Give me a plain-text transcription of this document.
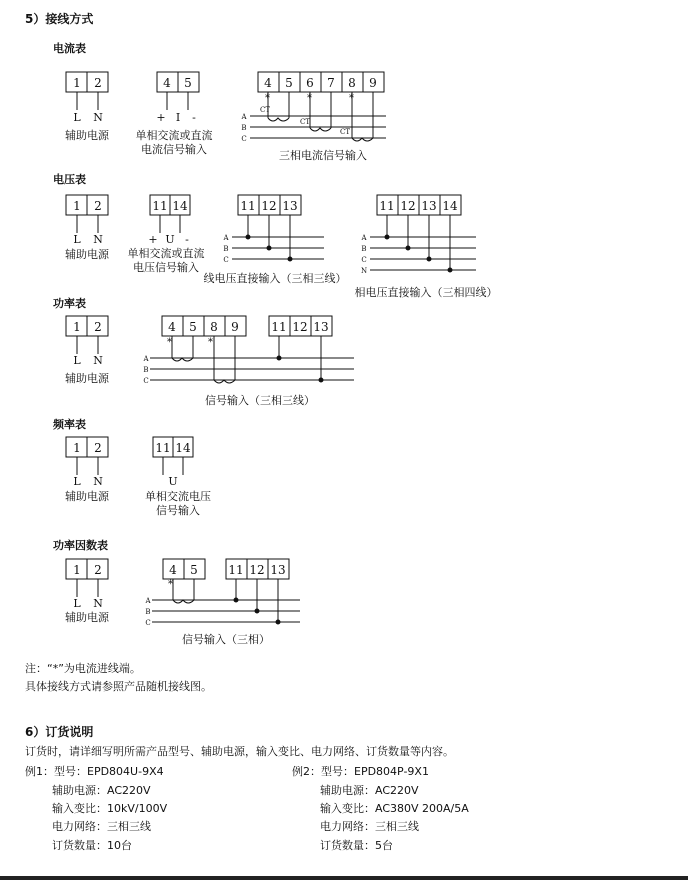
5）接线方式
电流表
电压表
功率表
频率表
功率因数表
1 2
L N
辅助电源
4 5
+ I -
单相交流或直流
电流信号输入
4 5 6 7 8 9
A
B
C
CT
CT
CT
*	*	*
三相电流信号输入
1 2
L N
辅助电源
11 14
+ U -
单相交流或直流
电压信号输入
11 12 13
A
B
C
线电压直接输入（三相三线）
11 12 13 14
A
B
C
N
相电压直接输入（三相四线）
1 2
L N
辅助电源
4 5 8 9	11 12 13
*	*
A
B
C
信号输入（三相三线）
1 2
L N
辅助电源
11 14
U
单相交流电压
信号输入
1 2
L N
辅助电源
4 5	11 12 13
*
A
B
C
信号输入（三相）
注：“*”为电流进线端。
具体接线方式请参照产品随机接线图。
6）订货说明
订货时，请详细写明所需产品型号、辅助电源，输入变比、电力网络、订货数量等内容。
例1：型号：EPD804U-9X4
辅助电源：AC220V
输入变比：10kV/100V
电力网络：三相三线
订货数量：10台
例2：型号：EPD804P-9X1
辅助电源：AC220V
输入变比：AC380V 200A/5A
电力网络：三相三线
订货数量：5台
